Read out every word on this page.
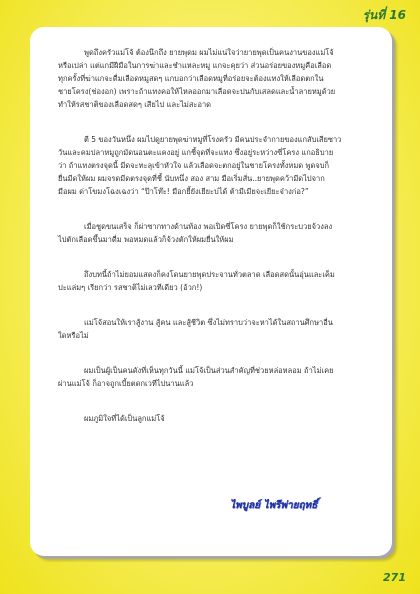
รุ่นที่ 16

พูดถึงครัวแม่โจ้ ต้องนึกถึง ยายพุดม ผมไม่แน่ใจว่ายายพุดเป็นคนงานของแม่โจ้
หรือเปล่า แต่แกมีฝีมือในการฆ่าและชำแหละหมู แกจะคุยว่า ส่วนอร่อยของหมูคือเลือด
ทุกครั้งที่ฆ่าแกจะดื่มเลือดหมูสดๆ แกบอกว่าเลือดหมูที่อร่อยจะต้องแทงให้เลือดตกใน
ชายโครง(ช่องอก) เพราะถ้าแทงคอให้ไหลออกมาเลือดจะปนกับเสลดและน้ำลายหมูด้วย
ทำให้รสชาติของเลือดสดๆ เสียไป และไม่สะอาด

ตี 5 ของวันหนึ่ง ผมไปดูยายพุดฆ่าหมูที่โรงครัว มีคนประจำกายของแกสับเสียซาว
วันและคมปลาหมูถูกมัดนอนตะแคงอยู่ แกชี้จุดที่จะแทง ซึ่งอยู่ระหว่างซี่โครง แกอธิบาย
ว่า ถ้าแทงตรงจุดนี้ มีดจะทะลุเข้าหัวใจ แล้วเลือดจะตกอยู่ในชายโครงทั้งหมด พูดจบก็
ยื่นมีดให้ผม ผมจรดมีดตรงจุดที่ชี้ นับหนึ่ง สอง สาม มือเริ่มสั่น..ยายพุดคว้ามีดไปจาก
มือผม ด่าโขมงโฉงเฉงว่า “ป๊าโท๊ะ! มือกยี้ยังเยียะบ่ได้ ต้ามีเมียจะเยียะจ๋างก่อ?”

เมื่อชูดขนเสร็จ ก็ผ่าซากทางด้านท้อง พอเปิดซี่โครง ยายพุดก็ใช้กระบวยจ้วงลง
ไปตักเลือดขึ้นมาดื่ม พอหมดแล้วก็จ้วงตักให้ผมยื่นให้ผม

ถึงบทนี้ถ้าไม่ยอมแสดงก็คงโดนยายพุดประจานทั่วตลาด เลือดสดนั้นอุ่นและเค็ม
ปะแล่มๆ เรียกว่า รสชาติไม่เลวทีเดียว (อ้วก!)

แม่โจ้สอนให้เราสู้งาน สู้คน และสู้ชีวิต ซึ่งไม่ทราบว่าจะหาได้ในสถานศึกษาอื่น
ใดหรือไม่

ผมเป็นผู้เป็นคนดังที่เห็นทุกวันนี้ แม่โจ้เป็นส่วนสำคัญที่ช่วยหล่อหลอม ถ้าไม่เคย
ผ่านแม่โจ้ ก็อาจถูกเบี้ยตดกเวทีไปนานแล้ว

ผมภูมิใจที่ได้เป็นลูกแม่โจ้

ไพบูลย์ ไพรีพ่ายฤทธิ์
271
